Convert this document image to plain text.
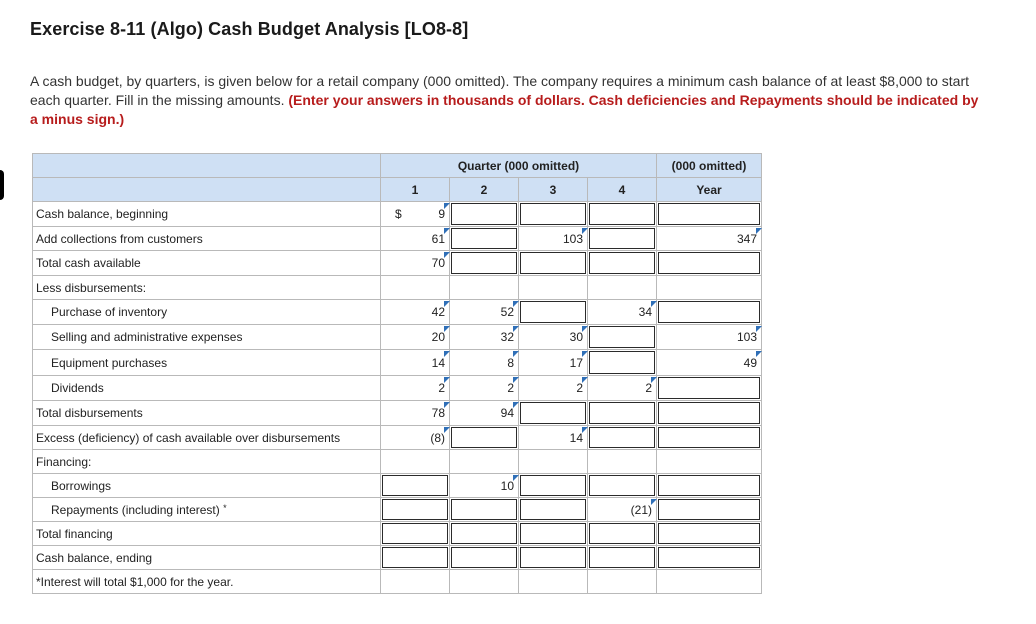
Exercise 8-11 (Algo) Cash Budget Analysis [LO8-8]
A cash budget, by quarters, is given below for a retail company (000 omitted). The company requires a minimum cash balance of at least $8,000 to start each quarter. Fill in the missing amounts. (Enter your answers in thousands of dollars. Cash deficiencies and Repayments should be indicated by a minus sign.)
	Quarter (000 omitted)				(000 omitted)
	1	2	3	4	Year
Cash balance, beginning	9
$				

Add collections from customers	61		103		347

Total cash available	70				

Less disbursements:					
Purchase of inventory	42	52		34	

Selling and administrative expenses	20	32	30		103

Equipment purchases	14	8	17		49

Dividends	2	2	2	2	

Total disbursements	78	94			

Excess (deficiency) of cash available over disbursements	(8)		14		

Financing:					
Borrowings		10			

Repayments (including interest) *				(21)	

Total financing	

Cash balance, ending	

*Interest will total $1,000 for the year.					
